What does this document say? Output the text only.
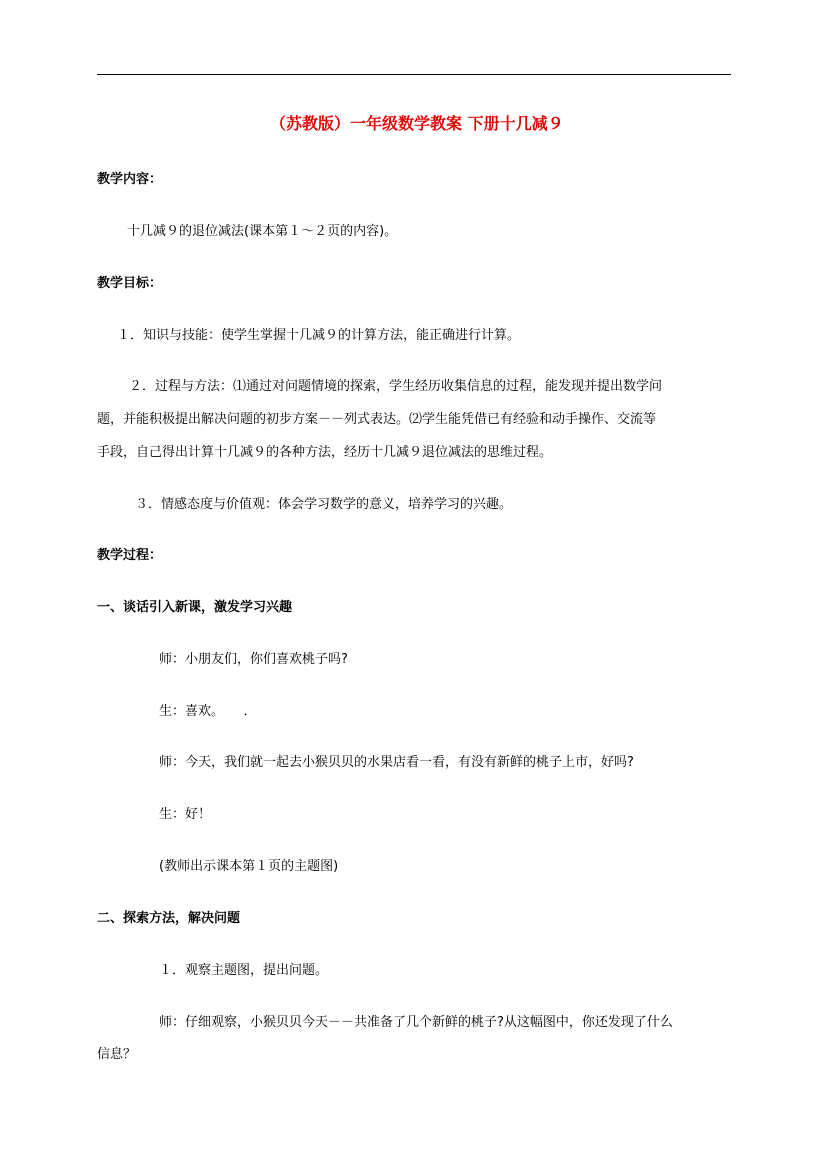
（苏教版）一年级数学教案 下册十几减９
教学内容：
十几减９的退位减法(课本第１～２页的内容)。
教学目标：
１．知识与技能：使学生掌握十几减９的计算方法，能正确进行计算。
２．过程与方法：⑴通过对问题情境的探索，学生经历收集信息的过程，能发现并提出数学问
题，并能积极提出解决问题的初步方案－－列式表达。⑵学生能凭借已有经验和动手操作、交流等
手段，自己得出计算十几减９的各种方法，经历十几减９退位减法的思维过程。
３．情感态度与价值观：体会学习数学的意义，培养学习的兴趣。
教学过程：
一、谈话引入新课，激发学习兴趣
师：小朋友们，你们喜欢桃子吗?
生：喜欢。　　．
师：今天，我们就一起去小猴贝贝的水果店看一看，有没有新鲜的桃子上市，好吗?
生：好！
(教师出示课本第１页的主题图)
二、探索方法，解决问题
１．观察主题图，提出问题。
师：仔细观察，小猴贝贝今天－－共准备了几个新鲜的桃子?从这幅图中，你还发现了什么
信息？
